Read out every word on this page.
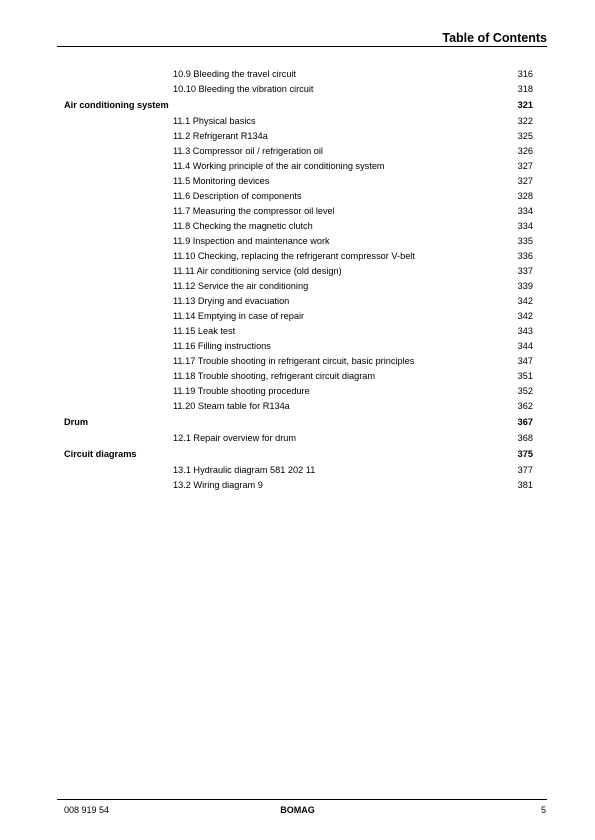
Table of Contents
10.9 Bleeding the travel circuit	316
10.10 Bleeding the vibration circuit	318
Air conditioning system	321
11.1 Physical basics	322
11.2 Refrigerant R134a	325
11.3 Compressor oil / refrigeration oil	326
11.4 Working principle of the air conditioning system	327
11.5 Monitoring devices	327
11.6 Description of components	328
11.7 Measuring the compressor oil level	334
11.8 Checking the magnetic clutch	334
11.9 Inspection and maintenance work	335
11.10 Checking, replacing the refrigerant compressor V-belt	336
11.11 Air conditioning service (old design)	337
11.12 Service the air conditioning	339
11.13 Drying and evacuation	342
11.14 Emptying in case of repair	342
11.15 Leak test	343
11.16 Filling instructions	344
11.17 Trouble shooting in refrigerant circuit, basic principles	347
11.18 Trouble shooting, refrigerant circuit diagram	351
11.19 Trouble shooting procedure	352
11.20 Steam table for R134a	362
Drum	367
12.1 Repair overview for drum	368
Circuit diagrams	375
13.1 Hydraulic diagram 581 202 11	377
13.2 Wiring diagram 9	381
008 919 54	BOMAG	5
